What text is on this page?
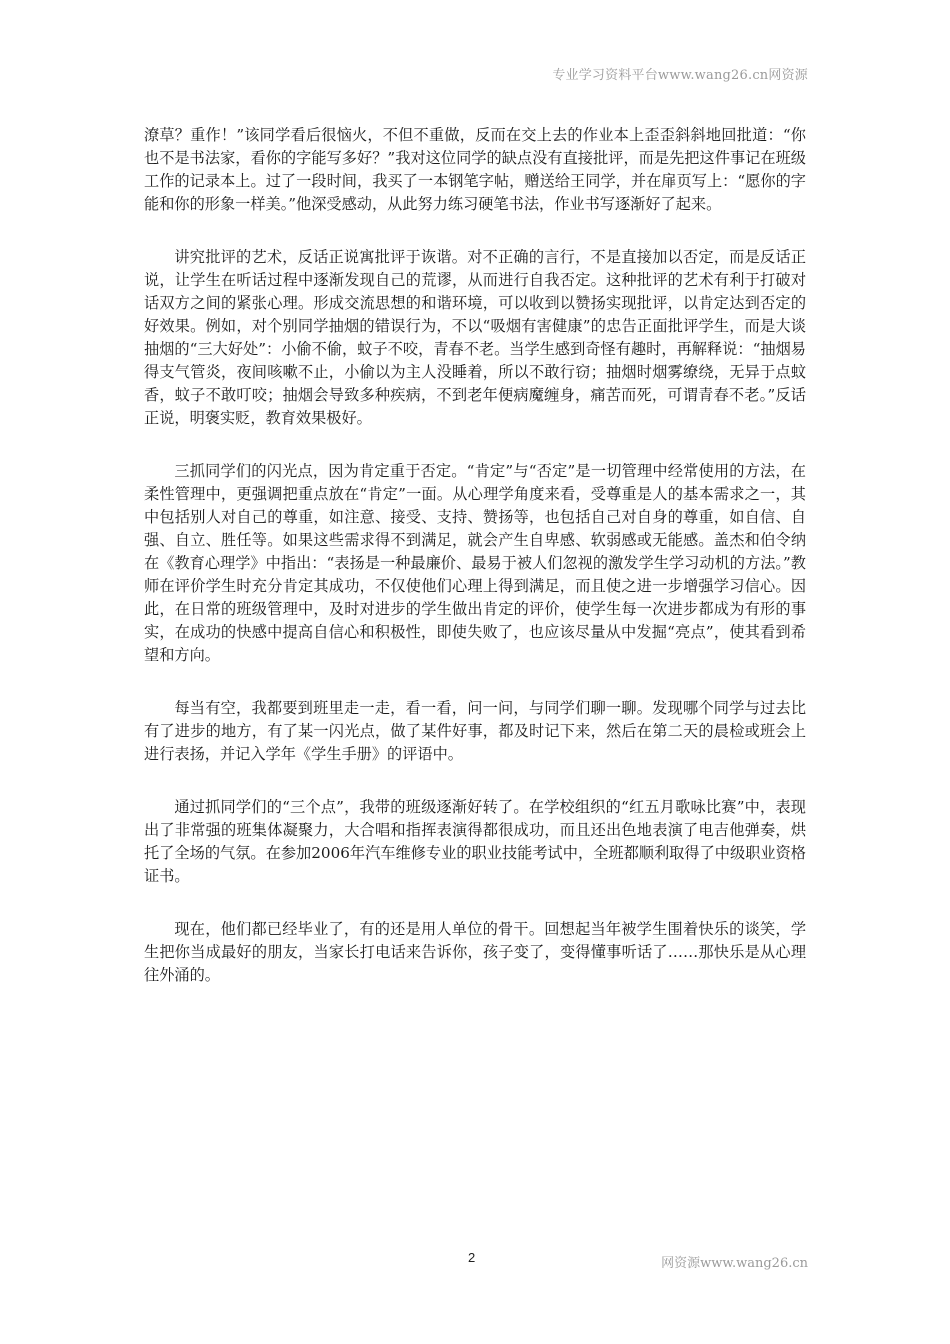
专业学习资料平台www.wang26.cn网资源

潦草？重作！”该同学看后很恼火，不但不重做，反而在交上去的作业本上歪歪斜斜地回批道：“你也不是书法家，看你的字能写多好？”我对这位同学的缺点没有直接批评，而是先把这件事记在班级工作的记录本上。过了一段时间，我买了一本钢笔字帖，赠送给王同学，并在扉页写上：“愿你的字能和你的形象一样美。”他深受感动，从此努力练习硬笔书法，作业书写逐渐好了起来。

讲究批评的艺术，反话正说寓批评于诙谐。对不正确的言行，不是直接加以否定，而是反话正说，让学生在听话过程中逐渐发现自己的荒谬，从而进行自我否定。这种批评的艺术有利于打破对话双方之间的紧张心理。形成交流思想的和谐环境，可以收到以赞扬实现批评，以肯定达到否定的好效果。例如，对个别同学抽烟的错误行为，不以“吸烟有害健康”的忠告正面批评学生，而是大谈抽烟的“三大好处”：小偷不偷，蚊子不咬，青春不老。当学生感到奇怪有趣时，再解释说：“抽烟易得支气管炎，夜间咳嗽不止，小偷以为主人没睡着，所以不敢行窃；抽烟时烟雾缭绕，无异于点蚊香，蚊子不敢叮咬；抽烟会导致多种疾病，不到老年便病魔缠身，痛苦而死，可谓青春不老。”反话正说，明褒实贬，教育效果极好。

三抓同学们的闪光点，因为肯定重于否定。“肯定”与“否定”是一切管理中经常使用的方法，在柔性管理中，更强调把重点放在“肯定”一面。从心理学角度来看，受尊重是人的基本需求之一，其中包括别人对自己的尊重，如注意、接受、支持、赞扬等，也包括自己对自身的尊重，如自信、自强、自立、胜任等。如果这些需求得不到满足，就会产生自卑感、软弱感或无能感。盖杰和伯令纳在《教育心理学》中指出：“表扬是一种最廉价、最易于被人们忽视的激发学生学习动机的方法。”教师在评价学生时充分肯定其成功，不仅使他们心理上得到满足，而且使之进一步增强学习信心。因此，在日常的班级管理中，及时对进步的学生做出肯定的评价，使学生每一次进步都成为有形的事实，在成功的快感中提高自信心和积极性，即使失败了，也应该尽量从中发掘“亮点”，使其看到希望和方向。

每当有空，我都要到班里走一走，看一看，问一问，与同学们聊一聊。发现哪个同学与过去比有了进步的地方，有了某一闪光点，做了某件好事，都及时记下来，然后在第二天的晨检或班会上进行表扬，并记入学年《学生手册》的评语中。

通过抓同学们的“三个点”，我带的班级逐渐好转了。在学校组织的“红五月歌咏比赛”中，表现出了非常强的班集体凝聚力，大合唱和指挥表演得都很成功，而且还出色地表演了电吉他弹奏，烘托了全场的气氛。在参加2006年汽车维修专业的职业技能考试中，全班都顺利取得了中级职业资格证书。

现在，他们都已经毕业了，有的还是用人单位的骨干。回想起当年被学生围着快乐的谈笑，学生把你当成最好的朋友，当家长打电话来告诉你，孩子变了，变得懂事听话了……那快乐是从心理往外涌的。

2	网资源www.wang26.cn
